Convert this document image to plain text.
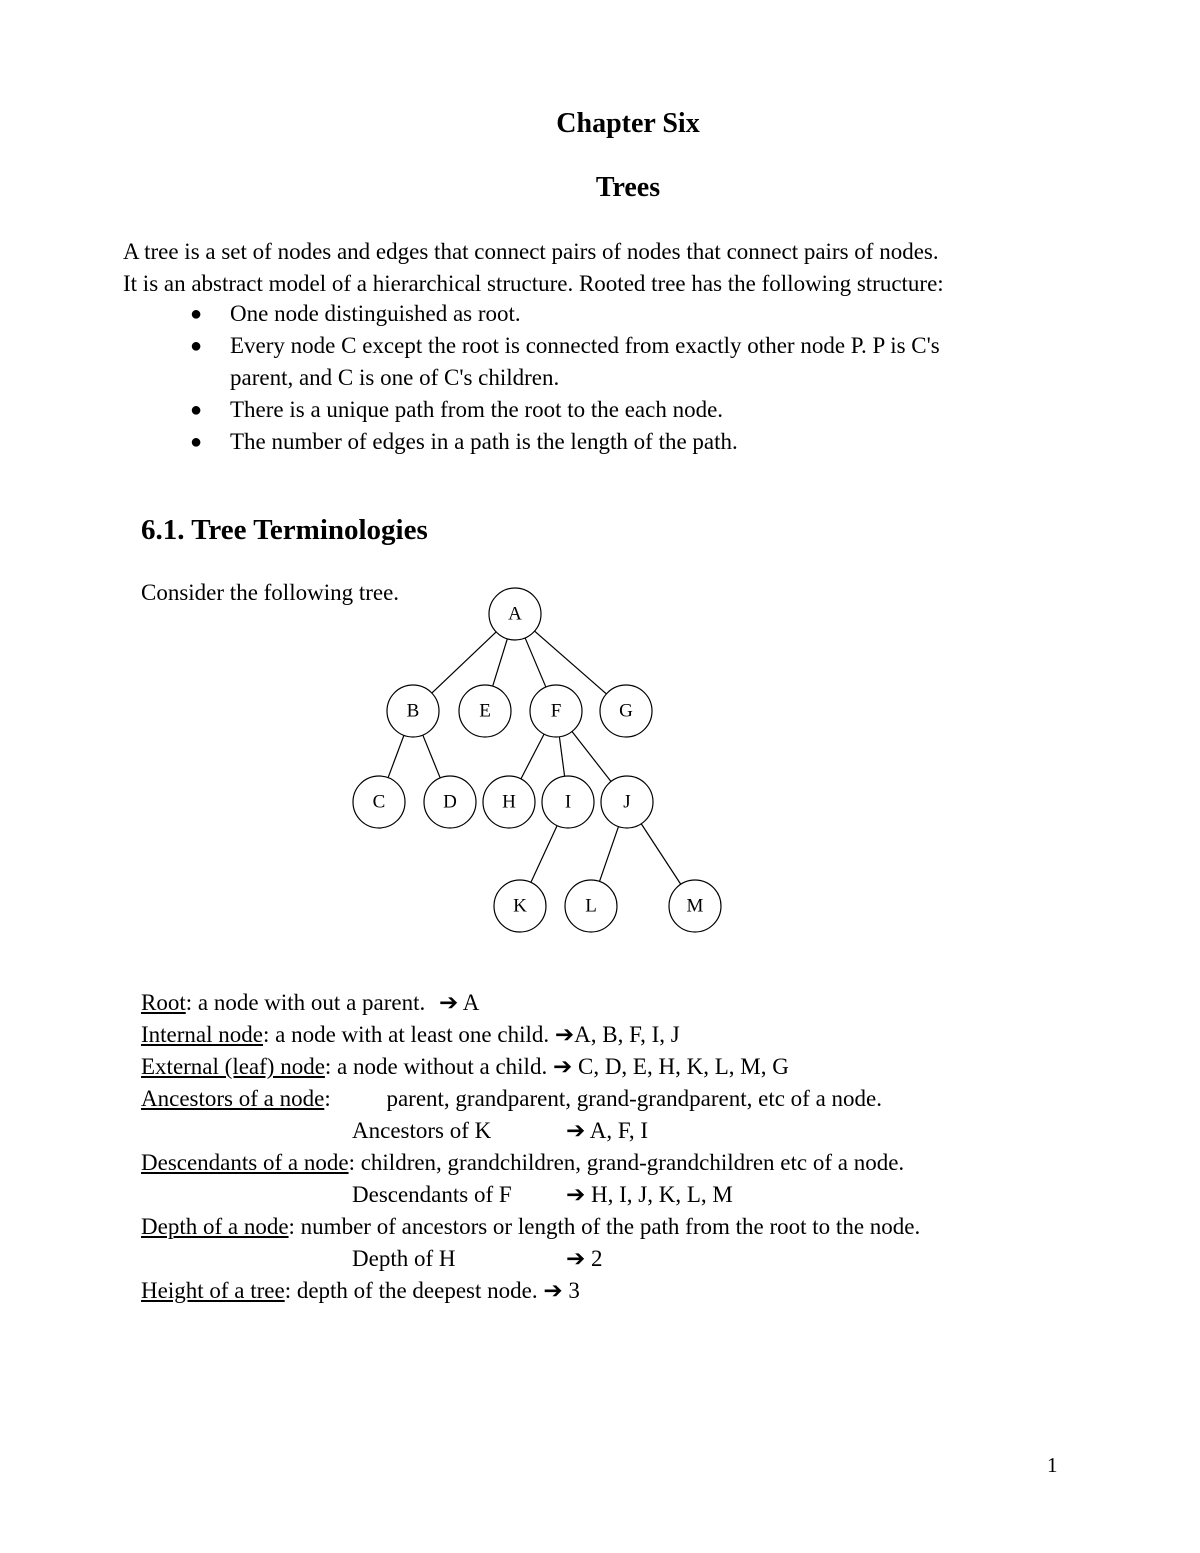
Chapter Six
Trees
A tree is a set of nodes and edges that connect pairs of nodes that connect pairs of nodes.
It is an abstract model of a hierarchical structure. Rooted tree has the following structure:
● One node distinguished as root.
● Every node C except the root is connected from exactly other node P. P is C's parent, and C is one of C's children.
● There is a unique path from the root to the each node.
● The number of edges in a path is the length of the path.
6.1. Tree Terminologies
Consider the following tree.
A
B	E	F	G
C	D H	I	J
K	L	M
Root: a node with out a parent. ➔ A
Internal node: a node with at least one child. ➔A, B, F, I, J
External (leaf) node: a node without a child. ➔ C, D, E, H, K, L, M, G
Ancestors of a node: parent, grandparent, grand-grandparent, etc of a node.
Ancestors of K	➔ A, F, I
Descendants of a node: children, grandchildren, grand-grandchildren etc of a node.
Descendants of F ➔ H, I, J, K, L, M
Depth of a node: number of ancestors or length of the path from the root to the node.
Depth of H	➔ 2
Height of a tree: depth of the deepest node. ➔ 3
1
